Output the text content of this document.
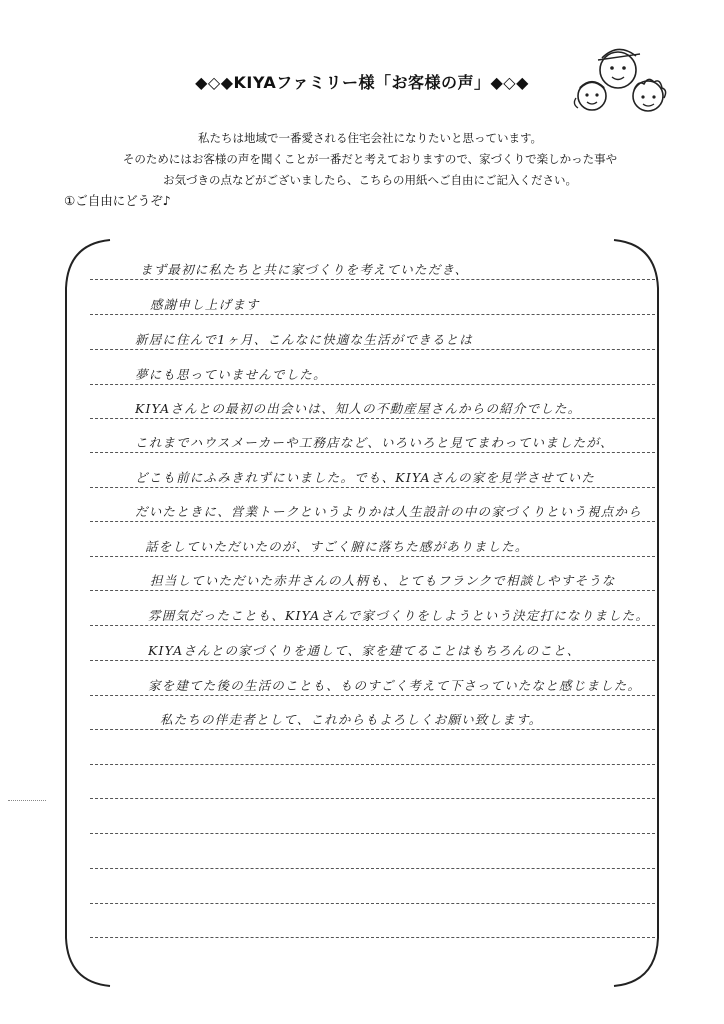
◆◇◆KIYAファミリー様「お客様の声」◆◇◆
私たちは地域で一番愛される住宅会社になりたいと思っています。
そのためにはお客様の声を聞くことが一番だと考えておりますので、家づくりで楽しかった事や
お気づきの点などがございましたら、こちらの用紙へご自由にご記入ください。
①ご自由にどうぞ♪
まず最初に私たちと共に家づくりを考えていただき、
感謝申し上げます
新居に住んで1ヶ月、こんなに快適な生活ができるとは
夢にも思っていませんでした。
KIYAさんとの最初の出会いは、知人の不動産屋さんからの紹介でした。
これまでハウスメーカーや工務店など、いろいろと見てまわっていましたが、
どこも前にふみきれずにいました。でも、KIYAさんの家を見学させていた
だいたときに、営業トークというよりかは人生設計の中の家づくりという視点から
話をしていただいたのが、すごく腑に落ちた感がありました。
担当していただいた赤井さんの人柄も、とてもフランクで相談しやすそうな
雰囲気だったことも、KIYAさんで家づくりをしようという決定打になりました。
KIYAさんとの家づくりを通して、家を建てることはもちろんのこと、
家を建てた後の生活のことも、ものすごく考えて下さっていたなと感じました。
私たちの伴走者として、これからもよろしくお願い致します。
